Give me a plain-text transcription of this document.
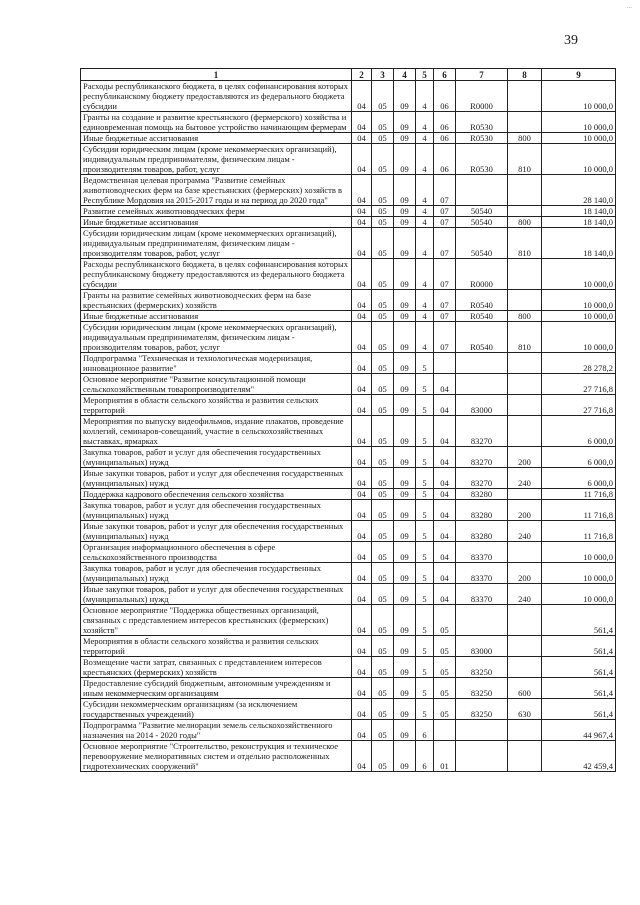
...
39
1	2	3	4	5	6	7	8	9
Расходы республиканского бюджета, в целях софинансирования которых республиканскому бюджету предоставляются из федерального бюджета субсидии	04	05	09	4	06	R0000		10 000,0
Гранты на создание и развитие крестьянского (фермерского) хозяйства и единовременная помощь на бытовое устройство начинающим фермерам	04	05	09	4	06	R0530		10 000,0
Иные бюджетные ассигнования	04	05	09	4	06	R0530	800	10 000,0
Субсидии юридическим лицам (кроме некоммерческих организаций), индивидуальным предпринимателям, физическим лицам - производителям товаров, работ, услуг	04	05	09	4	06	R0530	810	10 000,0
Ведомственная целевая программа "Развитие семейных животноводческих ферм на базе крестьянских (фермерских) хозяйств в Республике Мордовия на 2015-2017 годы и на период до 2020 года"	04	05	09	4	07			28 140,0
Развитие семейных животноводческих ферм	04	05	09	4	07	50540		18 140,0
Иные бюджетные ассигнования	04	05	09	4	07	50540	800	18 140,0
Субсидии юридическим лицам (кроме некоммерческих организаций), индивидуальным предпринимателям, физическим лицам - производителям товаров, работ, услуг	04	05	09	4	07	50540	810	18 140,0
Расходы республиканского бюджета, в целях софинансирования которых республиканскому бюджету предоставляются из федерального бюджета субсидии	04	05	09	4	07	R0000		10 000,0
Гранты на развитие семейных животноводческих ферм на базе крестьянских (фермерских) хозяйств	04	05	09	4	07	R0540		10 000,0
Иные бюджетные ассигнования	04	05	09	4	07	R0540	800	10 000,0
Субсидии юридическим лицам (кроме некоммерческих организаций), индивидуальным предпринимателям, физическим лицам - производителям товаров, работ, услуг	04	05	09	4	07	R0540	810	10 000,0
Подпрограмма "Техническая и технологическая модернизация, инновационное развитие"	04	05	09	5				28 278,2
Основное мероприятие "Развитие консультационной помощи сельскохозяйственным товаропроизводителям"	04	05	09	5	04			27 716,8
Мероприятия в области сельского хозяйства и развития сельских территорий	04	05	09	5	04	83000		27 716,8
Мероприятия по выпуску видеофильмов, издание плакатов, проведение коллегий, семинаров-совещаний, участие в сельскохозяйственных выставках, ярмарках	04	05	09	5	04	83270		6 000,0
Закупка товаров, работ и услуг для обеспечения государственных (муниципальных) нужд	04	05	09	5	04	83270	200	6 000,0
Иные закупки товаров, работ и услуг для обеспечения государственных (муниципальных) нужд	04	05	09	5	04	83270	240	6 000,0
Поддержка кадрового обеспечения сельского хозяйства	04	05	09	5	04	83280		11 716,8
Закупка товаров, работ и услуг для обеспечения государственных (муниципальных) нужд	04	05	09	5	04	83280	200	11 716,8
Иные закупки товаров, работ и услуг для обеспечения государственных (муниципальных) нужд	04	05	09	5	04	83280	240	11 716,8
Организация информационного обеспечения в сфере сельскохозяйственного производства	04	05	09	5	04	83370		10 000,0
Закупка товаров, работ и услуг для обеспечения государственных (муниципальных) нужд	04	05	09	5	04	83370	200	10 000,0
Иные закупки товаров, работ и услуг для обеспечения государственных (муниципальных) нужд	04	05	09	5	04	83370	240	10 000,0
Основное мероприятие "Поддержка общественных организаций, связанных с представлением интересов крестьянских (фермерских) хозяйств"	04	05	09	5	05			561,4
Мероприятия в области сельского хозяйства и развития сельских территорий	04	05	09	5	05	83000		561,4
Возмещение части затрат, связанных с представлением интересов крестьянских (фермерских) хозяйств	04	05	09	5	05	83250		561,4
Предоставление субсидий бюджетным, автономным учреждениям и иным некоммерческим организациям	04	05	09	5	05	83250	600	561,4
Субсидии некоммерческим организациям (за исключением государственных учреждений)	04	05	09	5	05	83250	630	561,4
Подпрограмма "Развитие мелиорации земель сельскохозяйственного назначения на 2014 - 2020 годы"	04	05	09	6				44 967,4
Основное мероприятие "Строительство, реконструкция и техническое перевооружение мелиоративных систем и отдельно расположенных гидротехнических сооружений"	04	05	09	6	01			42 459,4
